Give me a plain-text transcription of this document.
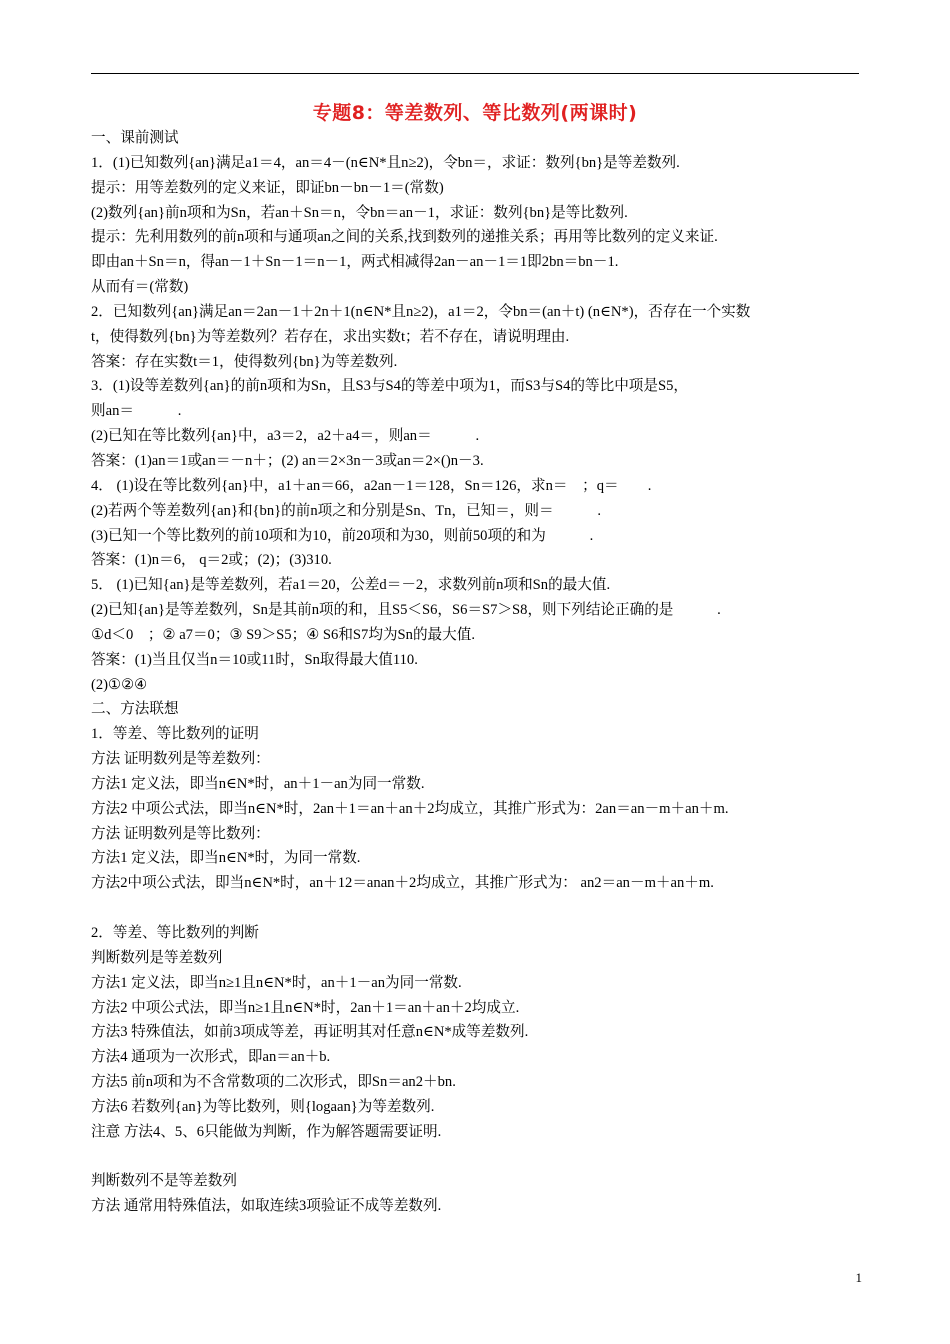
专题8：等差数列、等比数列(两课时)
一、课前测试
1．(1)已知数列{an}满足a1＝4，an＝4－(n∈N*且n≥2)，令bn＝，求证：数列{bn}是等差数列.
提示：用等差数列的定义来证，即证bn－bn－1＝(常数)
(2)数列{an}前n项和为Sn，若an＋Sn＝n，令bn＝an－1，求证：数列{bn}是等比数列.
提示：先利用数列的前n项和与通项an之间的关系,找到数列的递推关系；再用等比数列的定义来证.
即由an＋Sn＝n，得an－1＋Sn－1＝n－1，两式相减得2an－an－1＝1即2bn＝bn－1.
从而有＝(常数)
2．已知数列{an}满足an＝2an－1＋2n＋1(n∈N*且n≥2)，a1＝2，令bn＝(an＋t) (n∈N*)，否存在一个实数
t，使得数列{bn}为等差数列？若存在，求出实数t；若不存在，请说明理由.
答案：存在实数t＝1，使得数列{bn}为等差数列.
3．(1)设等差数列{an}的前n项和为Sn，且S3与S4的等差中项为1，而S3与S4的等比中项是S5，
则an＝　　　.
(2)已知在等比数列{an}中，a3＝2，a2＋a4＝，则an＝　　　.
答案：(1)an＝1或an＝－n＋；(2) an＝2×3n－3或an＝2×()n－3.
4． (1)设在等比数列{an}中，a1＋an＝66，a2an－1＝128，Sn＝126，求n＝　；q＝　　.
(2)若两个等差数列{an}和{bn}的前n项之和分别是Sn、Tn，已知＝，则＝　　　.
(3)已知一个等比数列的前10项和为10，前20项和为30，则前50项的和为　　　.
答案：(1)n＝6， q＝2或；(2)；(3)310.
5． (1)已知{an}是等差数列，若a1＝20，公差d＝－2，求数列前n项和Sn的最大值.
(2)已知{an}是等差数列，Sn是其前n项的和，且S5＜S6，S6＝S7＞S8，则下列结论正确的是　　　.
①d＜0　；② a7＝0；③ S9＞S5；④ S6和S7均为Sn的最大值.
答案：(1)当且仅当n＝10或11时，Sn取得最大值110.
(2)①②④
二、方法联想
1．等差、等比数列的证明
方法 证明数列是等差数列：
方法1 定义法，即当n∈N*时，an＋1－an为同一常数.
方法2 中项公式法，即当n∈N*时，2an＋1＝an＋an＋2均成立，其推广形式为：2an＝an－m＋an＋m.
方法 证明数列是等比数列：
方法1 定义法，即当n∈N*时，为同一常数.
方法2中项公式法，即当n∈N*时，an＋12＝anan＋2均成立，其推广形式为： an2＝an－m＋an＋m.
2．等差、等比数列的判断
判断数列是等差数列
方法1 定义法，即当n≥1且n∈N*时，an＋1－an为同一常数.
方法2 中项公式法，即当n≥1且n∈N*时，2an＋1＝an＋an＋2均成立.
方法3 特殊值法，如前3项成等差，再证明其对任意n∈N*成等差数列.
方法4 通项为一次形式，即an＝an＋b.
方法5 前n项和为不含常数项的二次形式，即Sn＝an2＋bn.
方法6 若数列{an}为等比数列，则{logaan}为等差数列.
注意 方法4、5、6只能做为判断，作为解答题需要证明.
判断数列不是等差数列
方法 通常用特殊值法，如取连续3项验证不成等差数列.
1
